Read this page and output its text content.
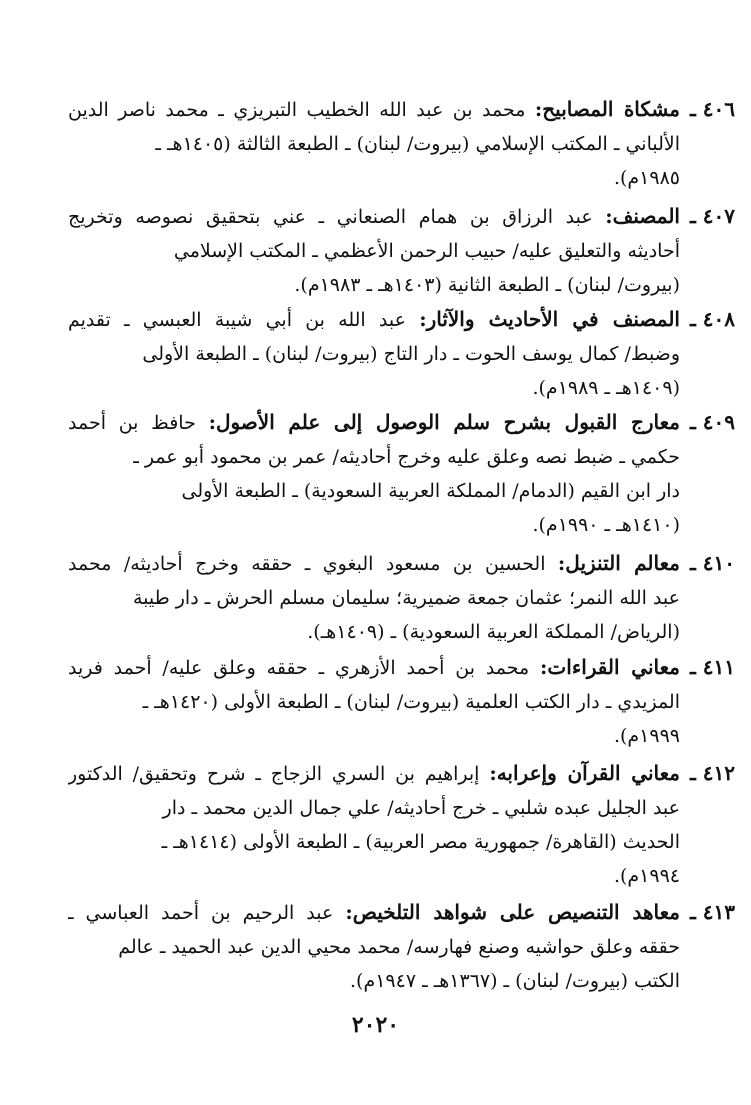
٤٠٦ ـ
مشكاة المصابيح: محمد بن عبد الله الخطيب التبريزي ـ محمد ناصر الدين
الألباني ـ المكتب الإسلامي (بيروت/ لبنان) ـ الطبعة الثالثة (١٤٠٥هـ ـ
١٩٨٥م).
٤٠٧ ـ
المصنف: عبد الرزاق بن همام الصنعاني ـ عني بتحقيق نصوصه وتخريج
أحاديثه والتعليق عليه/ حبيب الرحمن الأعظمي ـ المكتب الإسلامي
(بيروت/ لبنان) ـ الطبعة الثانية (١٤٠٣هـ ـ ١٩٨٣م).
٤٠٨ ـ
المصنف في الأحاديث والآثار: عبد الله بن أبي شيبة العبسي ـ تقديم
وضبط/ كمال يوسف الحوت ـ دار التاج (بيروت/ لبنان) ـ الطبعة الأولى
(١٤٠٩هـ ـ ١٩٨٩م).
٤٠٩ ـ
معارج القبول بشرح سلم الوصول إلى علم الأصول: حافظ بن أحمد
حكمي ـ ضبط نصه وعلق عليه وخرج أحاديثه/ عمر بن محمود أبو عمر ـ
دار ابن القيم (الدمام/ المملكة العربية السعودية) ـ الطبعة الأولى
(١٤١٠هـ ـ ١٩٩٠م).
٤١٠ ـ
معالم التنزيل: الحسين بن مسعود البغوي ـ حققه وخرج أحاديثه/ محمد
عبد الله النمر؛ عثمان جمعة ضميرية؛ سليمان مسلم الحرش ـ دار طيبة
(الرياض/ المملكة العربية السعودية) ـ (١٤٠٩هـ).
٤١١ ـ
معاني القراءات: محمد بن أحمد الأزهري ـ حققه وعلق عليه/ أحمد فريد
المزيدي ـ دار الكتب العلمية (بيروت/ لبنان) ـ الطبعة الأولى (١٤٢٠هـ ـ
١٩٩٩م).
٤١٢ ـ
معاني القرآن وإعرابه: إبراهيم بن السري الزجاج ـ شرح وتحقيق/ الدكتور
عبد الجليل عبده شلبي ـ خرج أحاديثه/ علي جمال الدين محمد ـ دار
الحديث (القاهرة/ جمهورية مصر العربية) ـ الطبعة الأولى (١٤١٤هـ ـ
١٩٩٤م).
٤١٣ ـ
معاهد التنصيص على شواهد التلخيص: عبد الرحيم بن أحمد العباسي ـ
حققه وعلق حواشيه وصنع فهارسه/ محمد محيي الدين عبد الحميد ـ عالم
الكتب (بيروت/ لبنان) ـ (١٣٦٧هـ ـ ١٩٤٧م).
٢٠٢٠
